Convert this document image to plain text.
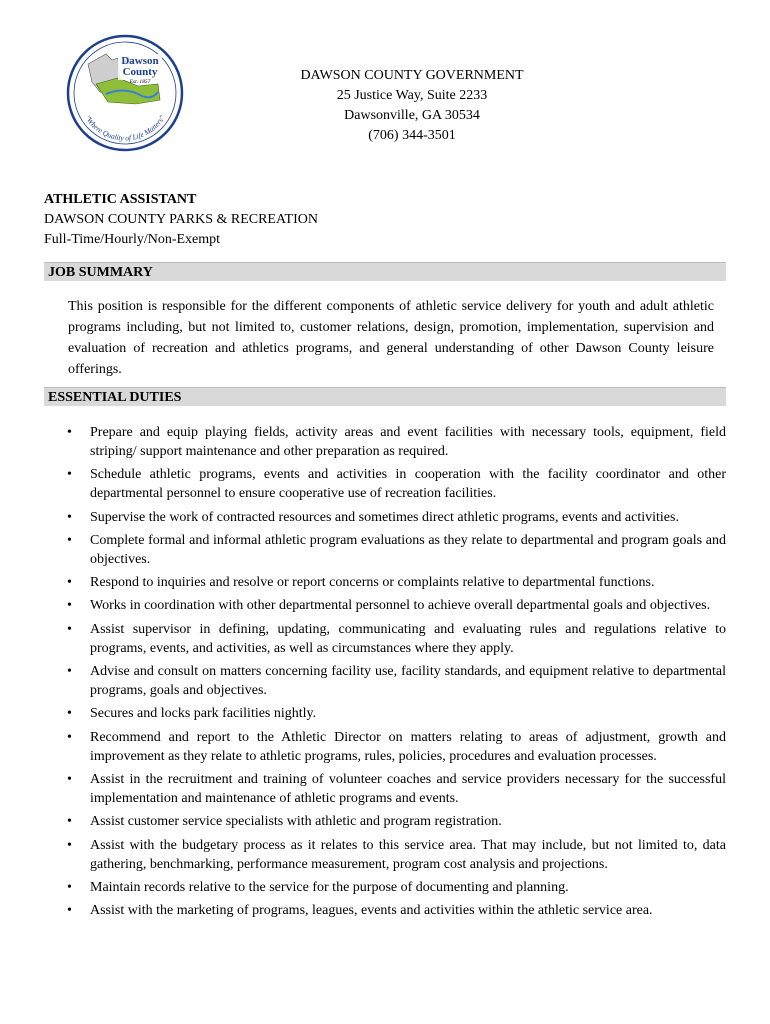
Dawson
County
Est. 1857
"Where Quality of Life Matters"
DAWSON COUNTY GOVERNMENT
25 Justice Way, Suite 2233
Dawsonville, GA 30534
(706) 344-3501
ATHLETIC ASSISTANT
DAWSON COUNTY PARKS & RECREATION
Full-Time/Hourly/Non-Exempt
JOB SUMMARY
This position is responsible for the different components of athletic service delivery for youth and adult athletic programs including, but not limited to, customer relations, design, promotion, implementation, supervision and evaluation of recreation and athletics programs, and general understanding of other Dawson County leisure offerings.
ESSENTIAL DUTIES
• Prepare and equip playing fields, activity areas and event facilities with necessary tools, equipment, field striping/ support maintenance and other preparation as required.
• Schedule athletic programs, events and activities in cooperation with the facility coordinator and other departmental personnel to ensure cooperative use of recreation facilities.
• Supervise the work of contracted resources and sometimes direct athletic programs, events and activities.
• Complete formal and informal athletic program evaluations as they relate to departmental and program goals and objectives.
• Respond to inquiries and resolve or report concerns or complaints relative to departmental functions.
• Works in coordination with other departmental personnel to achieve overall departmental goals and objectives.
• Assist supervisor in defining, updating, communicating and evaluating rules and regulations relative to programs, events, and activities, as well as circumstances where they apply.
• Advise and consult on matters concerning facility use, facility standards, and equipment relative to departmental programs, goals and objectives.
• Secures and locks park facilities nightly.
• Recommend and report to the Athletic Director on matters relating to areas of adjustment, growth and improvement as they relate to athletic programs, rules, policies, procedures and evaluation processes.
• Assist in the recruitment and training of volunteer coaches and service providers necessary for the successful implementation and maintenance of athletic programs and events.
• Assist customer service specialists with athletic and program registration.
• Assist with the budgetary process as it relates to this service area. That may include, but not limited to, data gathering, benchmarking, performance measurement, program cost analysis and projections.
• Maintain records relative to the service for the purpose of documenting and planning.
• Assist with the marketing of programs, leagues, events and activities within the athletic service area.
